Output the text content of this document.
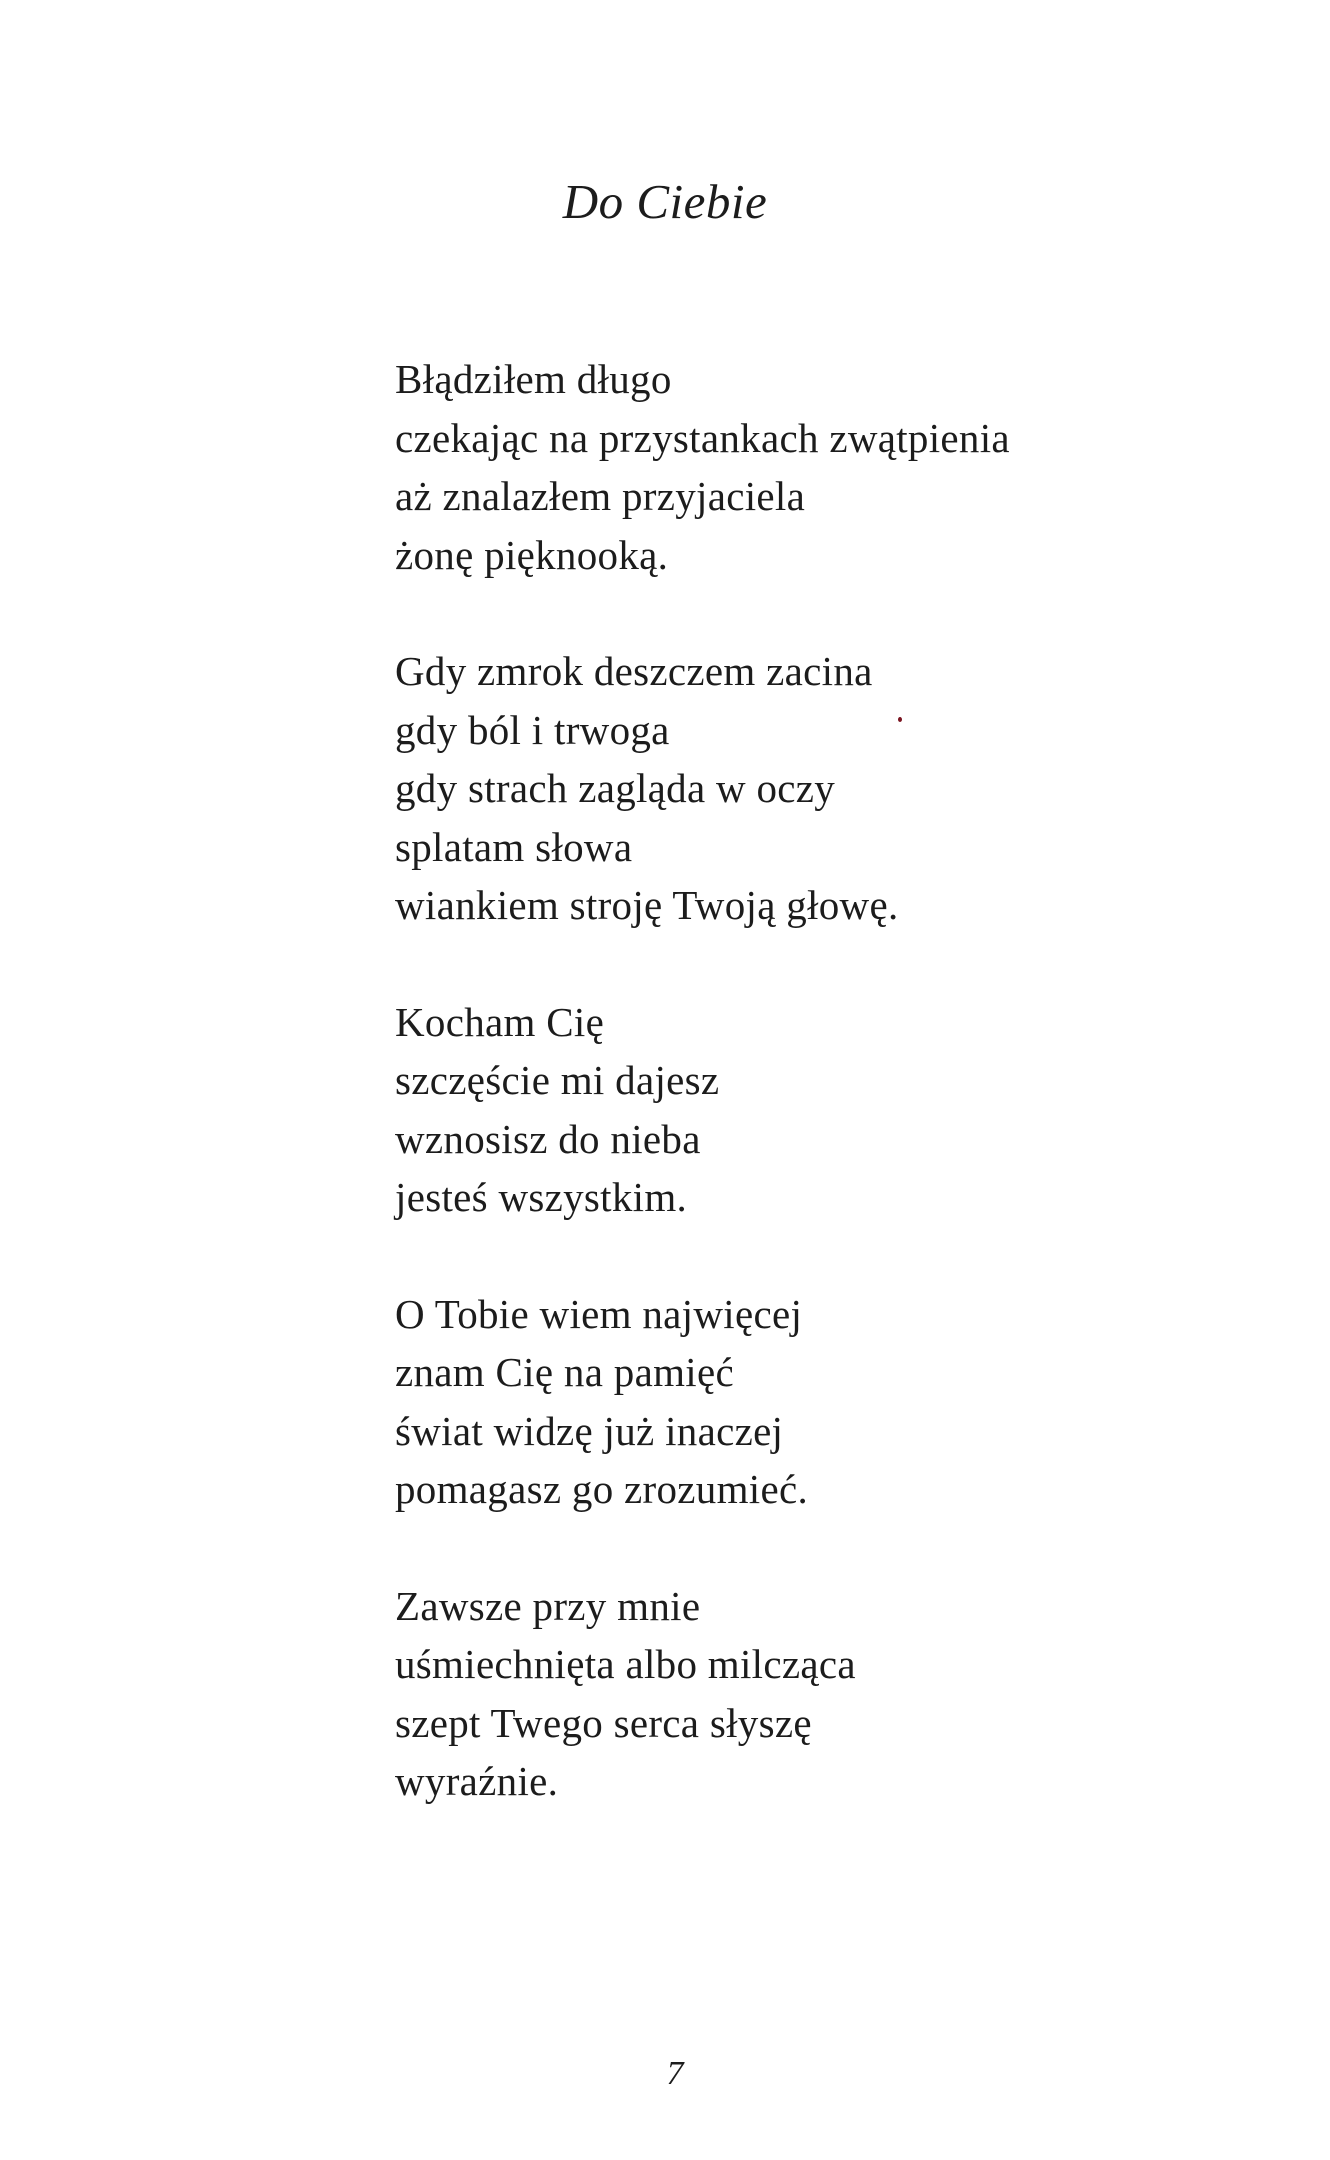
Do Ciebie
Błądziłem długo
czekając na przystankach zwątpienia
aż znalazłem przyjaciela
żonę pięknooką.
Gdy zmrok deszczem zacina
gdy ból i trwoga
gdy strach zagląda w oczy
splatam słowa
wiankiem stroję Twoją głowę.
Kocham Cię
szczęście mi dajesz
wznosisz do nieba
jesteś wszystkim.
O Tobie wiem najwięcej
znam Cię na pamięć
świat widzę już inaczej
pomagasz go zrozumieć.
Zawsze przy mnie
uśmiechnięta albo milcząca
szept Twego serca słyszę
wyraźnie.
7
